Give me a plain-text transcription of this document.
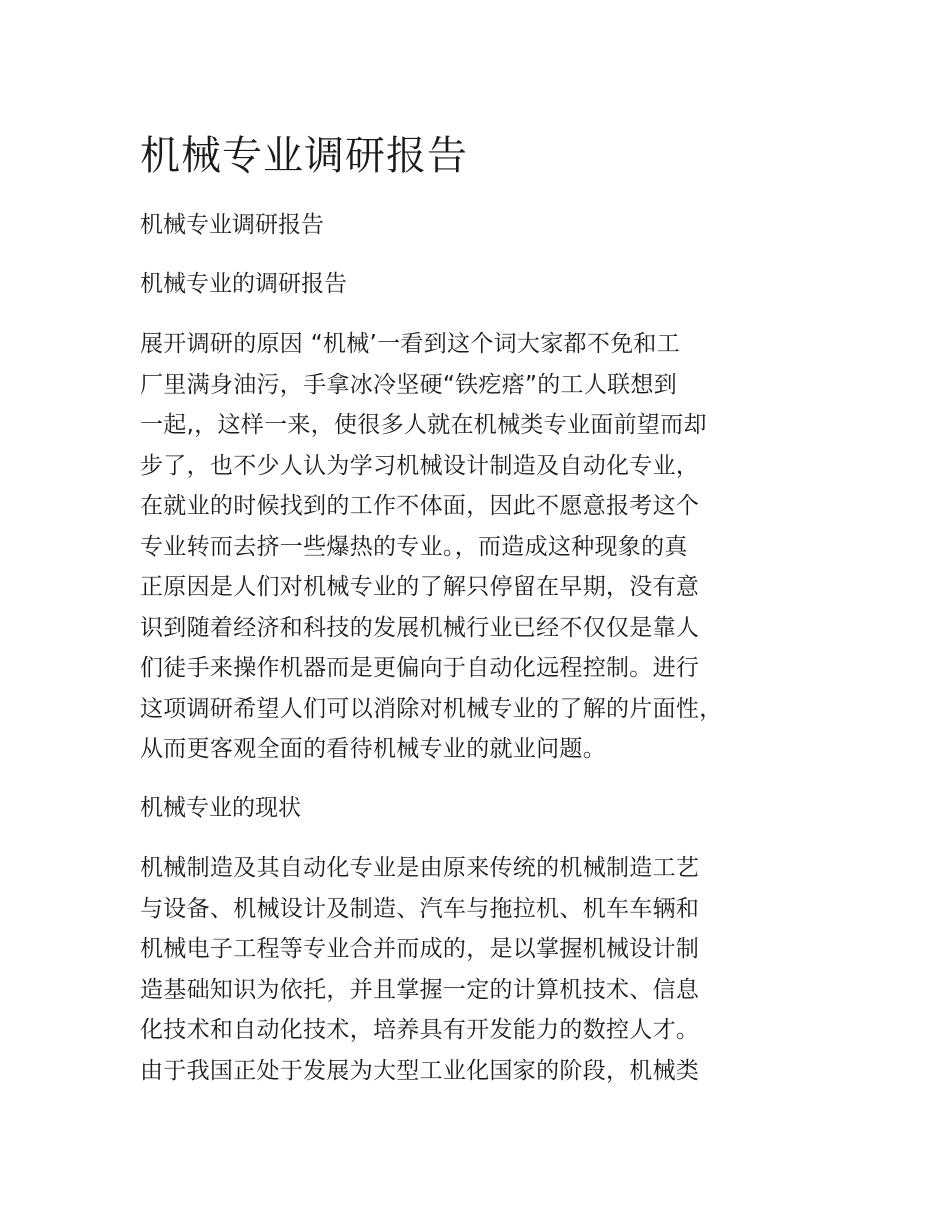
机械专业调研报告

机械专业调研报告

机械专业的调研报告

展开调研的原因 “机械’一看到这个词大家都不免和工
厂里满身油污，手拿冰冷坚硬“铁疙瘩”的工人联想到
一起,，这样一来，使很多人就在机械类专业面前望而却
步了，也不少人认为学习机械设计制造及自动化专业，
在就业的时候找到的工作不体面，因此不愿意报考这个
专业转而去挤一些爆热的专业。，而造成这种现象的真
正原因是人们对机械专业的了解只停留在早期，没有意
识到随着经济和科技的发展机械行业已经不仅仅是靠人
们徒手来操作机器而是更偏向于自动化远程控制。进行
这项调研希望人们可以消除对机械专业的了解的片面性，
从而更客观全面的看待机械专业的就业问题。

机械专业的现状

机械制造及其自动化专业是由原来传统的机械制造工艺
与设备、机械设计及制造、汽车与拖拉机、机车车辆和
机械电子工程等专业合并而成的，是以掌握机械设计制
造基础知识为依托，并且掌握一定的计算机技术、信息
化技术和自动化技术，培养具有开发能力的数控人才。
由于我国正处于发展为大型工业化国家的阶段，机械类
